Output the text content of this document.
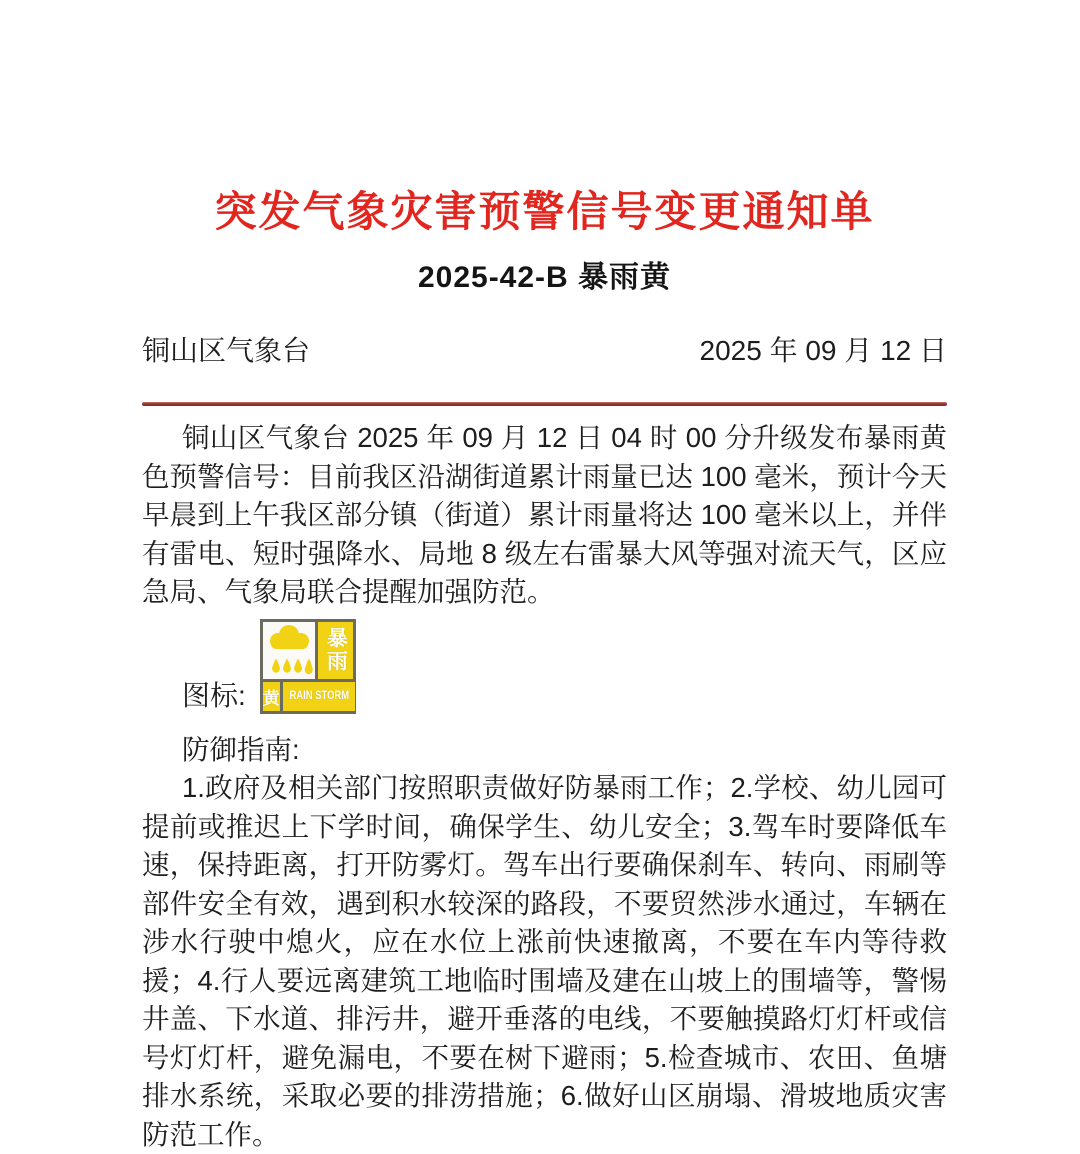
突发气象灾害预警信号变更通知单
2025-42-B 暴雨黄
铜山区气象台	2025 年 09 月 12 日

铜山区气象台 2025 年 09 月 12 日 04 时 00 分升级发布暴雨黄色预警信号：目前我区沿湖街道累计雨量已达 100 毫米，预计今天早晨到上午我区部分镇（街道）累计雨量将达 100 毫米以上，并伴有雷电、短时强降水、局地 8 级左右雷暴大风等强对流天气，区应急局、气象局联合提醒加强防范。

图标:
暴雨
黄 RAIN STORM
防御指南:

1.政府及相关部门按照职责做好防暴雨工作；2.学校、幼儿园可提前或推迟上下学时间，确保学生、幼儿安全；3.驾车时要降低车速，保持距离，打开防雾灯。驾车出行要确保刹车、转向、雨刷等部件安全有效，遇到积水较深的路段，不要贸然涉水通过，车辆在涉水行驶中熄火，应在水位上涨前快速撤离，不要在车内等待救援；4.行人要远离建筑工地临时围墙及建在山坡上的围墙等，警惕井盖、下水道、排污井，避开垂落的电线，不要触摸路灯灯杆或信号灯灯杆，避免漏电，不要在树下避雨；5.检查城市、农田、鱼塘排水系统，采取必要的排涝措施；6.做好山区崩塌、滑坡地质灾害防范工作。
